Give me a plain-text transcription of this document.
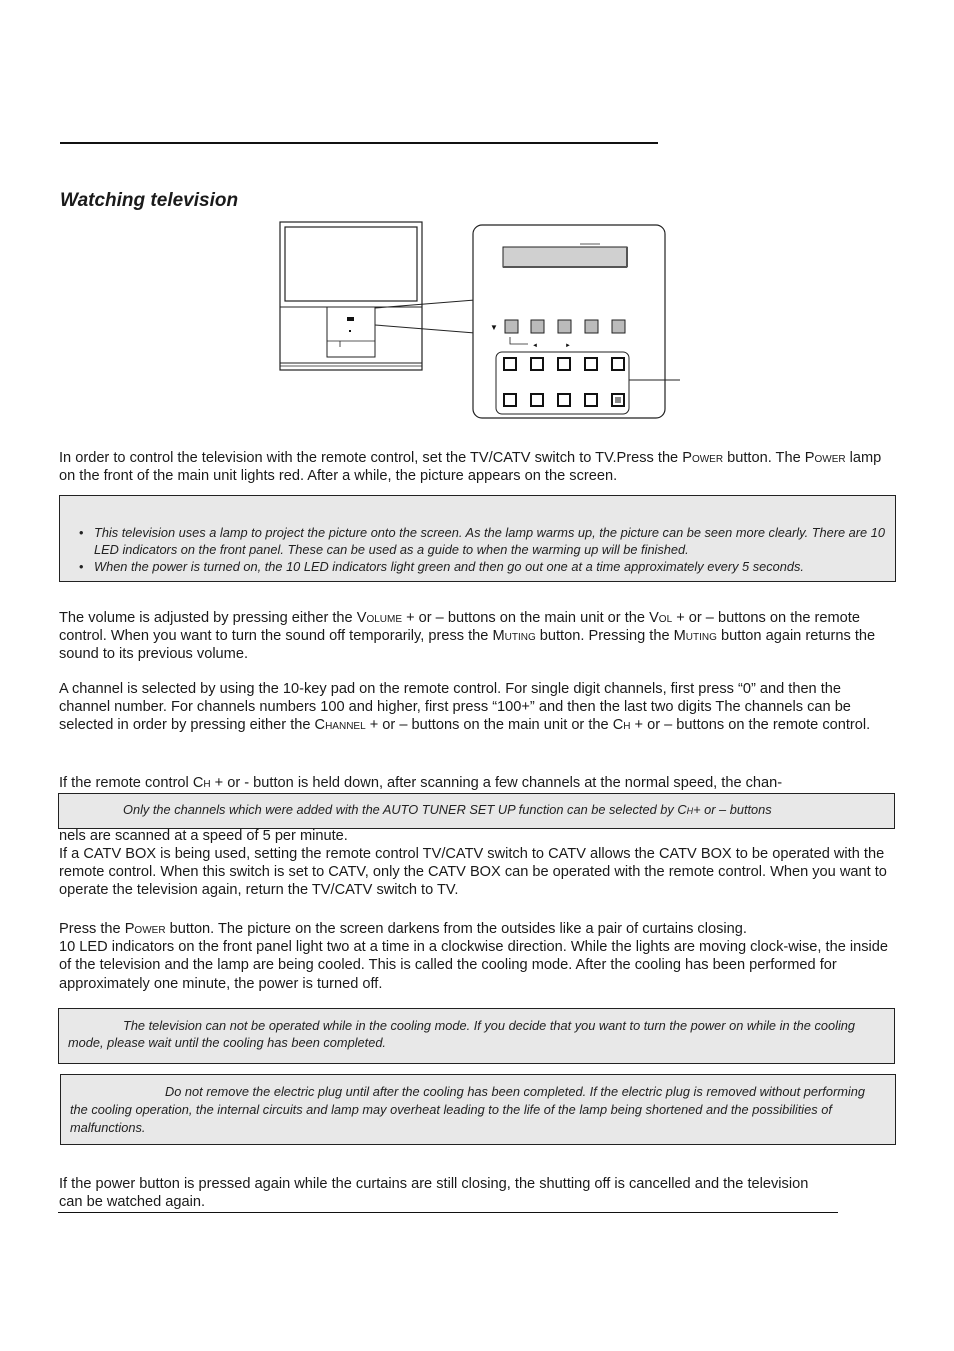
Watching television
▼
◄	►
In order to control the television with the remote control, set the TV/CATV switch to TV.Press the Power button. The Power lamp on the front of the main unit lights red. After a while, the picture appears on the screen.
• This television uses a lamp to project the picture onto the screen. As the lamp warms up, the picture can be seen more clearly. There are 10 LED indicators on the front panel. These can be used as a guide to when the warming up will be finished.
• When the power is turned on, the 10 LED indicators light green and then go out one at a time approximately every 5 seconds.
The volume is adjusted by pressing either the Volume + or – buttons on the main unit or the Vol + or – buttons on the remote control. When you want to turn the sound off temporarily, press the Muting button. Pressing the Muting button again returns the sound to its previous volume.
A channel is selected by using the 10-key pad on the remote control. For single digit channels, first press “0” and then the channel number. For channels numbers 100 and higher, first press “100+” and then the last two digits The channels can be selected in order by pressing either the Channel + or – buttons on the main unit or the Ch + or – buttons on the remote control.
If the remote control Ch + or - button is held down, after scanning a few channels at the normal speed, the chan-
Only the channels which were added with the AUTO TUNER SET UP function can be selected by Ch+ or – buttons
nels are scanned at a speed of 5 per minute.
If a CATV BOX is being used, setting the remote control TV/CATV switch to CATV allows the CATV BOX to be operated with the remote control. When this switch is set to CATV, only the CATV BOX can be operated with the remote control. When you want to operate the television again, return the TV/CATV switch to TV.
Press the Power button. The picture on the screen darkens from the outsides like a pair of curtains closing.
10 LED indicators on the front panel light two at a time in a clockwise direction. While the lights are moving clock-wise, the inside of the television and the lamp are being cooled. This is called the cooling mode. After the cooling has been performed for approximately one minute, the power is turned off.
The television can not be operated while in the cooling mode. If you decide that you want to turn the power on while in the cooling mode, please wait until the cooling has been completed.
Do not remove the electric plug until after the cooling has been completed. If the electric plug is removed without performing the cooling operation, the internal circuits and lamp may overheat leading to the life of the lamp being shortened and the possibilities of malfunctions.
If the power button is pressed again while the curtains are still closing, the shutting off is cancelled and the television can be watched again.
